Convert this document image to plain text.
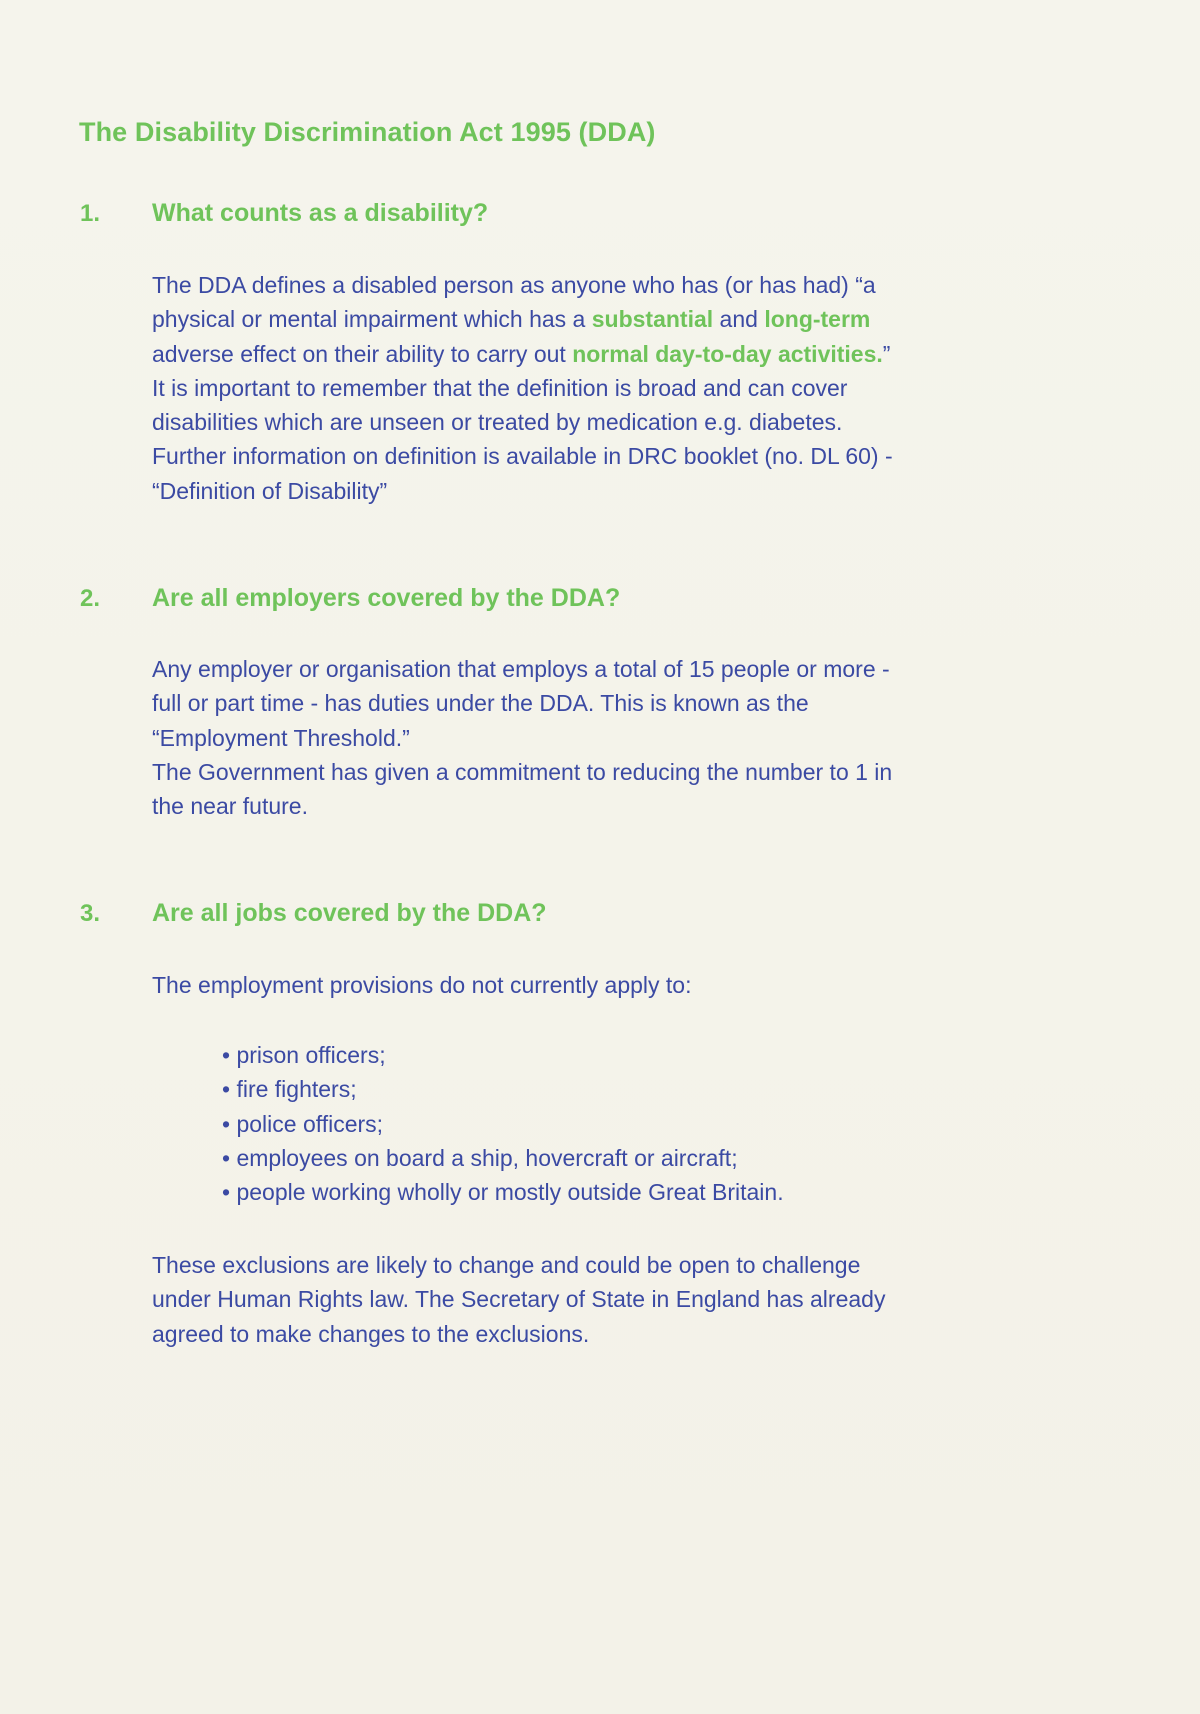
The Disability Discrimination Act 1995 (DDA)
1. What counts as a disability?

The DDA defines a disabled person as anyone who has (or has had) “a
physical or mental impairment which has a substantial and long-term
adverse effect on their ability to carry out normal day-to-day activities.”
It is important to remember that the definition is broad and can cover
disabilities which are unseen or treated by medication e.g. diabetes.
Further information on definition is available in DRC booklet (no. DL 60) -
“Definition of Disability”

2. Are all employers covered by the DDA?

Any employer or organisation that employs a total of 15 people or more -
full or part time - has duties under the DDA. This is known as the
“Employment Threshold.”
The Government has given a commitment to reducing the number to 1 in
the near future.

3. Are all jobs covered by the DDA?

The employment provisions do not currently apply to:

• prison officers;
• fire fighters;
• police officers;
• employees on board a ship, hovercraft or aircraft;
• people working wholly or mostly outside Great Britain.

These exclusions are likely to change and could be open to challenge
under Human Rights law. The Secretary of State in England has already
agreed to make changes to the exclusions.
